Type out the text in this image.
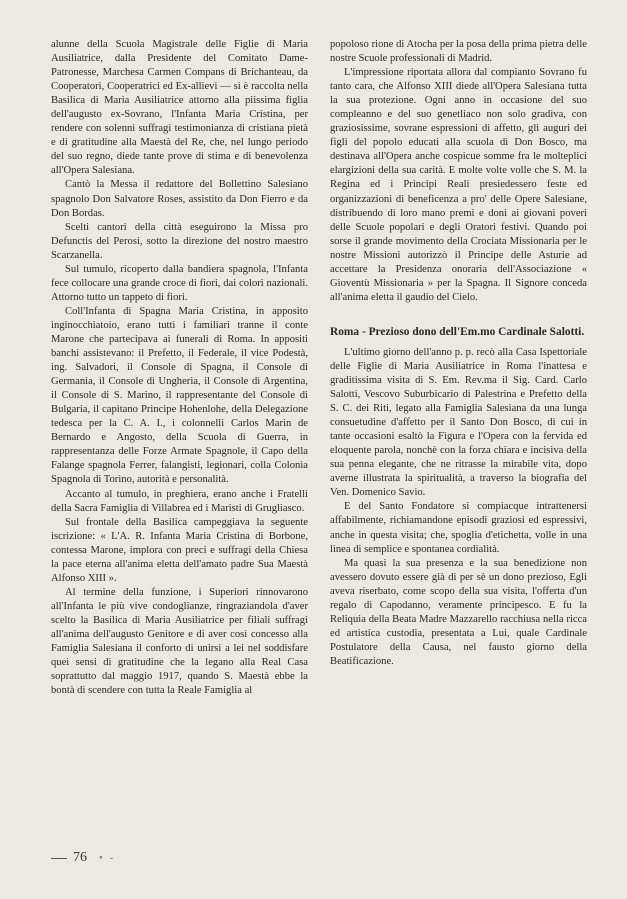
alunne della Scuola Magistrale delle Figlie di Maria Ausiliatrice, dalla Presidente del Comitato Dame-Patronesse, Marchesa Carmen Compans di Brichanteau, da Cooperatori, Cooperatrici ed Ex-allievi — si è raccolta nella Basilica di Maria Ausiliatrice attorno alla piissima figlia dell'augusto ex-Sovrano, l'Infanta Maria Cristina, per rendere con solenni suffragi testimonianza di cristiana pietà e di gratitudine alla Maestà del Re, che, nel lungo periodo del suo regno, diede tante prove di stima e di benevolenza all'Opera Salesiana.

Cantò la Messa il redattore del Bollettino Salesiano spagnolo Don Salvatore Roses, assistito da Don Fierro e da Don Bordas.

Scelti cantori della città eseguirono la Missa pro Defunctis del Perosi, sotto la direzione del nostro maestro Scarzanella.

Sul tumulo, ricoperto dalla bandiera spagnola, l'Infanta fece collocare una grande croce di fiori, dai colori nazionali. Attorno tutto un tappeto di fiori.

Coll'Infanta di Spagna Maria Cristina, in apposito inginocchiatoio, erano tutti i familiari tranne il conte Marone che partecipava ai funerali di Roma. In appositi banchi assistevano: il Prefetto, il Federale, il vice Podestà, ing. Salvadori, il Console di Spagna, il Console di Germania, il Console di Ungheria, il Console di Argentina, il Console di S. Marino, il rappresentante del Console di Bulgaria, il capitano Principe Hohenlohe, della Delegazione tedesca per la C. A. I., i colonnelli Carlos Marin de Bernardo e Angosto, della Scuola di Guerra, in rappresentanza delle Forze Armate Spagnole, il Capo della Falange spagnola Ferrer, falangisti, legionari, colla Colonia Spagnola di Torino, autorità e personalità.

Accanto al tumulo, in preghiera, erano anche i Fratelli della Sacra Famiglia di Villabrea ed i Maristi di Grugliasco.

Sul frontale della Basilica campeggiava la seguente iscrizione: « L'A. R. Infanta Maria Cristina di Borbone, contessa Marone, implora con preci e suffragi della Chiesa la pace eterna all'anima eletta dell'amato padre Sua Maestà Alfonso XIII ».

Al termine della funzione, i Superiori rinnovarono all'Infanta le più vive condoglianze, ringraziandola d'aver scelto la Basilica di Maria Ausiliatrice per filiali suffragi all'anima dell'augusto Genitore e di aver così concesso alla Famiglia Salesiana il conforto di unirsi a lei nel soddisfare quei sensi di gratitudine che la legano alla Real Casa soprattutto dal maggio 1917, quando S. Maestà ebbe la bontà di scendere con tutta la Reale Famiglia al

popoloso rione di Atocha per la posa della prima pietra delle nostre Scuole professionali di Madrid.

L'impressione riportata allora dal compianto Sovrano fu tanto cara, che Alfonso XIII diede all'Opera Salesiana tutta la sua protezione. Ogni anno in occasione del suo compleanno e del suo genetliaco non solo gradiva, con graziosissime, sovrane espressioni di affetto, gli auguri dei figli del popolo educati alla scuola di Don Bosco, ma destinava all'Opera anche cospicue somme fra le molteplici elargizioni della sua carità. E molte volte volle che S. M. la Regina ed i Principi Reali presiedessero feste ed organizzazioni di beneficenza a pro' delle Opere Salesiane, distribuendo di loro mano premi e doni ai giovani poveri delle Scuole popolari e degli Oratori festivi. Quando poi sorse il grande movimento della Crociata Missionaria per le nostre Missioni autorizzò il Principe delle Asturie ad accettare la Presidenza onoraria dell'Associazione « Gioventù Missionaria » per la Spagna. Il Signore conceda all'anima eletta il gaudio del Cielo.

Roma - Prezioso dono dell'Em.mo Cardinale Salotti.

L'ultimo giorno dell'anno p. p. recò alla Casa Ispettoriale delle Figlie di Maria Ausiliatrice in Roma l'inattesa e graditissima visita di S. Em. Rev.ma il Sig. Card. Carlo Salotti, Vescovo Suburbicario di Palestrina e Prefetto della S. C. dei Riti, legato alla Famiglia Salesiana da una lunga consuetudine d'affetto per il Santo Don Bosco, di cui in tante occasioni esaltò la Figura e l'Opera con la fervida ed eloquente parola, nonchè con la forza chiara e incisiva della sua penna elegante, che ne ritrasse la mirabile vita, dopo averne illustrata la spiritualità, a traverso la biografia del Ven. Domenico Savio.

E del Santo Fondatore si compiacque intrattenersi affabilmente, richiamandone episodi graziosi ed espressivi, anche in questa visita; che, spoglia d'etichetta, volle in una linea di semplice e spontanea cordialità.

Ma quasi la sua presenza e la sua benedizione non avessero dovuto essere già di per sè un dono prezioso, Egli aveva riserbato, come scopo della sua visita, l'offerta d'un regalo di Capodanno, veramente principesco. E fu la Reliquia della Beata Madre Mazzarello racchiusa nella ricca ed artistica custodia, presentata a Lui, quale Cardinale Postulatore della Causa, nel fausto giorno della Beatificazione.

76 • -
